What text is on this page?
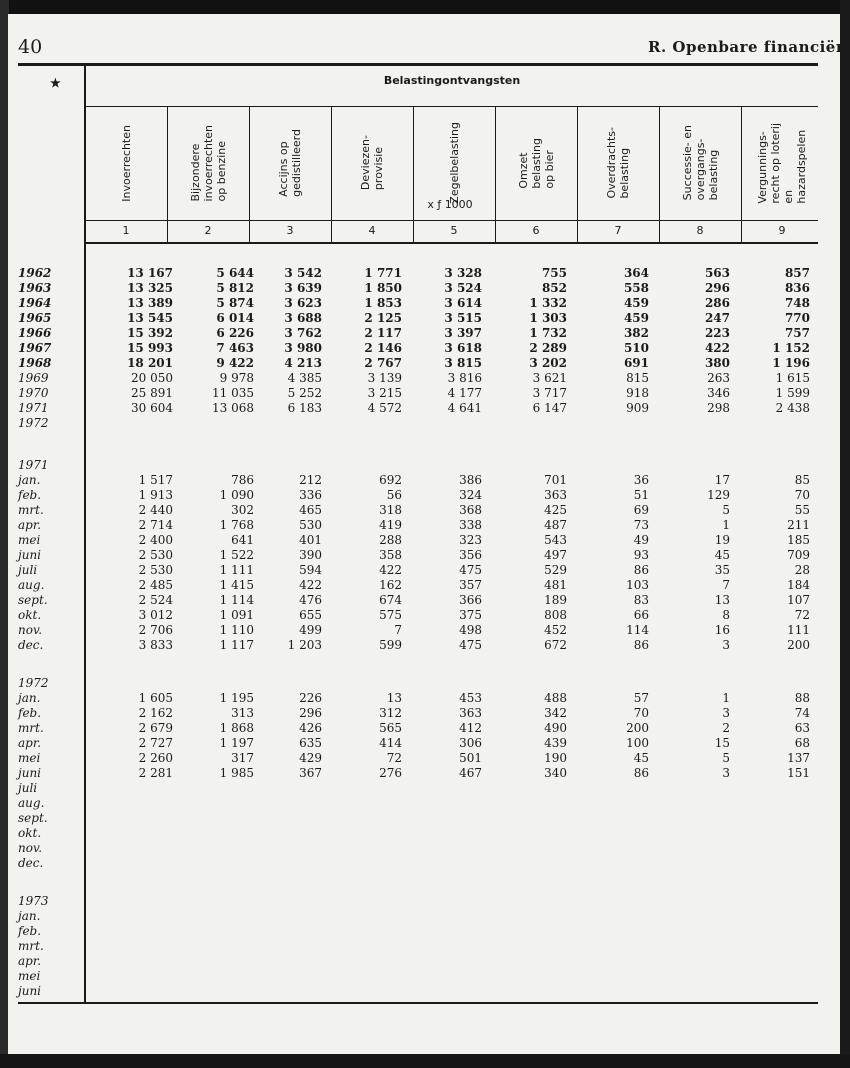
40	R. Openbare financiën
★	Belastingontvangsten
x ƒ 1000
Invoerrechten
1
Bijzondere
invoerrechten
op benzine
2
Accijns op
gedistilleerd
3
Deviezen-
provisie
4
Zegelbelasting
5
Omzet
belasting
op bier
6
Overdrachts-
belasting
7
Successie- en
overgangs-
belasting
8
Vergunnings-
recht op loterij
en
hazardspelen
9
1962	13 167	5 644	3 542	1 771	3 328	755	364	563	857
1963	13 325	5 812	3 639	1 850	3 524	852	558	296	836
1964	13 389	5 874	3 623	1 853	3 614	1 332	459	286	748
1965	13 545	6 014	3 688	2 125	3 515	1 303	459	247	770
1966	15 392	6 226	3 762	2 117	3 397	1 732	382	223	757
1967	15 993	7 463	3 980	2 146	3 618	2 289	510	422	1 152
1968	18 201	9 422	4 213	2 767	3 815	3 202	691	380	1 196
1969	20 050	9 978	4 385	3 139	3 816	3 621	815	263	1 615
1970	25 891	11 035	5 252	3 215	4 177	3 717	918	346	1 599
1971	30 604	13 068	6 183	4 572	4 641	6 147	909	298	2 438
1972
1971
jan.	1 517	786	212	692	386	701	36	17	85
feb.	1 913	1 090	336	56	324	363	51	129	70
mrt.	2 440	302	465	318	368	425	69	5	55
apr.	2 714	1 768	530	419	338	487	73	1	211
mei	2 400	641	401	288	323	543	49	19	185
juni	2 530	1 522	390	358	356	497	93	45	709
juli	2 530	1 111	594	422	475	529	86	35	28
aug.	2 485	1 415	422	162	357	481	103	7	184
sept.	2 524	1 114	476	674	366	189	83	13	107
okt.	3 012	1 091	655	575	375	808	66	8	72
nov.	2 706	1 110	499	7	498	452	114	16	111
dec.	3 833	1 117	1 203	599	475	672	86	3	200
1972
jan.	1 605	1 195	226	13	453	488	57	1	88
feb.	2 162	313	296	312	363	342	70	3	74
mrt.	2 679	1 868	426	565	412	490	200	2	63
apr.	2 727	1 197	635	414	306	439	100	15	68
mei	2 260	317	429	72	501	190	45	5	137
juni	2 281	1 985	367	276	467	340	86	3	151
juli
aug.
sept.
okt.
nov.
dec.
1973
jan.
feb.
mrt.
apr.
mei
juni
